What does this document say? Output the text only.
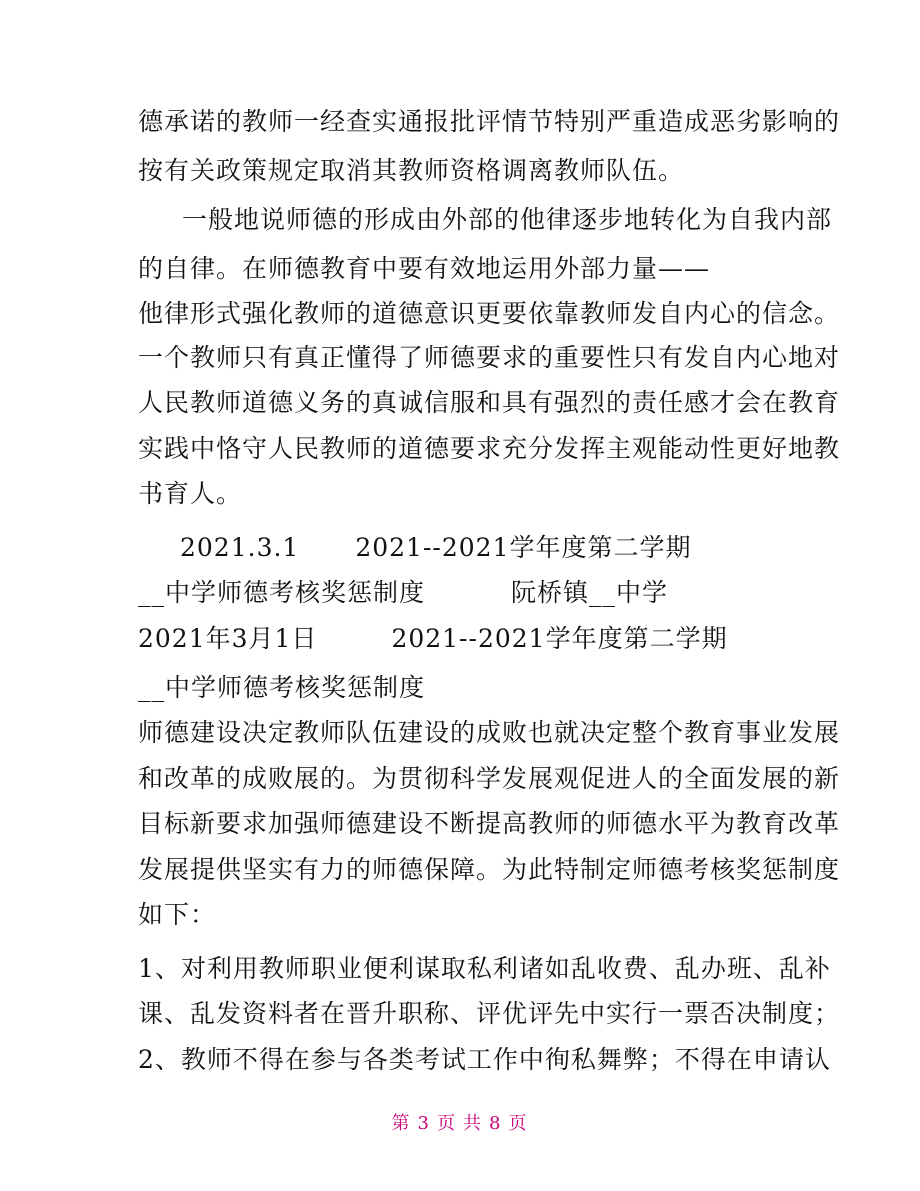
德承诺的教师一经查实通报批评情节特别严重造成恶劣影响的
按有关政策规定取消其教师资格调离教师队伍。
一般地说师德的形成由外部的他律逐步地转化为自我内部
的自律。在师德教育中要有效地运用外部力量——
他律形式强化教师的道德意识更要依靠教师发自内心的信念。
一个教师只有真正懂得了师德要求的重要性只有发自内心地对
人民教师道德义务的真诚信服和具有强烈的责任感才会在教育
实践中恪守人民教师的道德要求充分发挥主观能动性更好地教
书育人。
2021.3.1 2021--2021学年度第二学期
__中学师德考核奖惩制度	阮桥镇__中学
2021年3月1日	2021--2021学年度第二学期
__中学师德考核奖惩制度
师德建设决定教师队伍建设的成败也就决定整个教育事业发展
和改革的成败展的。为贯彻科学发展观促进人的全面发展的新
目标新要求加强师德建设不断提高教师的师德水平为教育改革
发展提供坚实有力的师德保障。为此特制定师德考核奖惩制度
如下：
1、对利用教师职业便利谋取私利诸如乱收费、乱办班、乱补
课、乱发资料者在晋升职称、评优评先中实行一票否决制度；
2、教师不得在参与各类考试工作中徇私舞弊；不得在申请认
第 3 页 共 8 页
